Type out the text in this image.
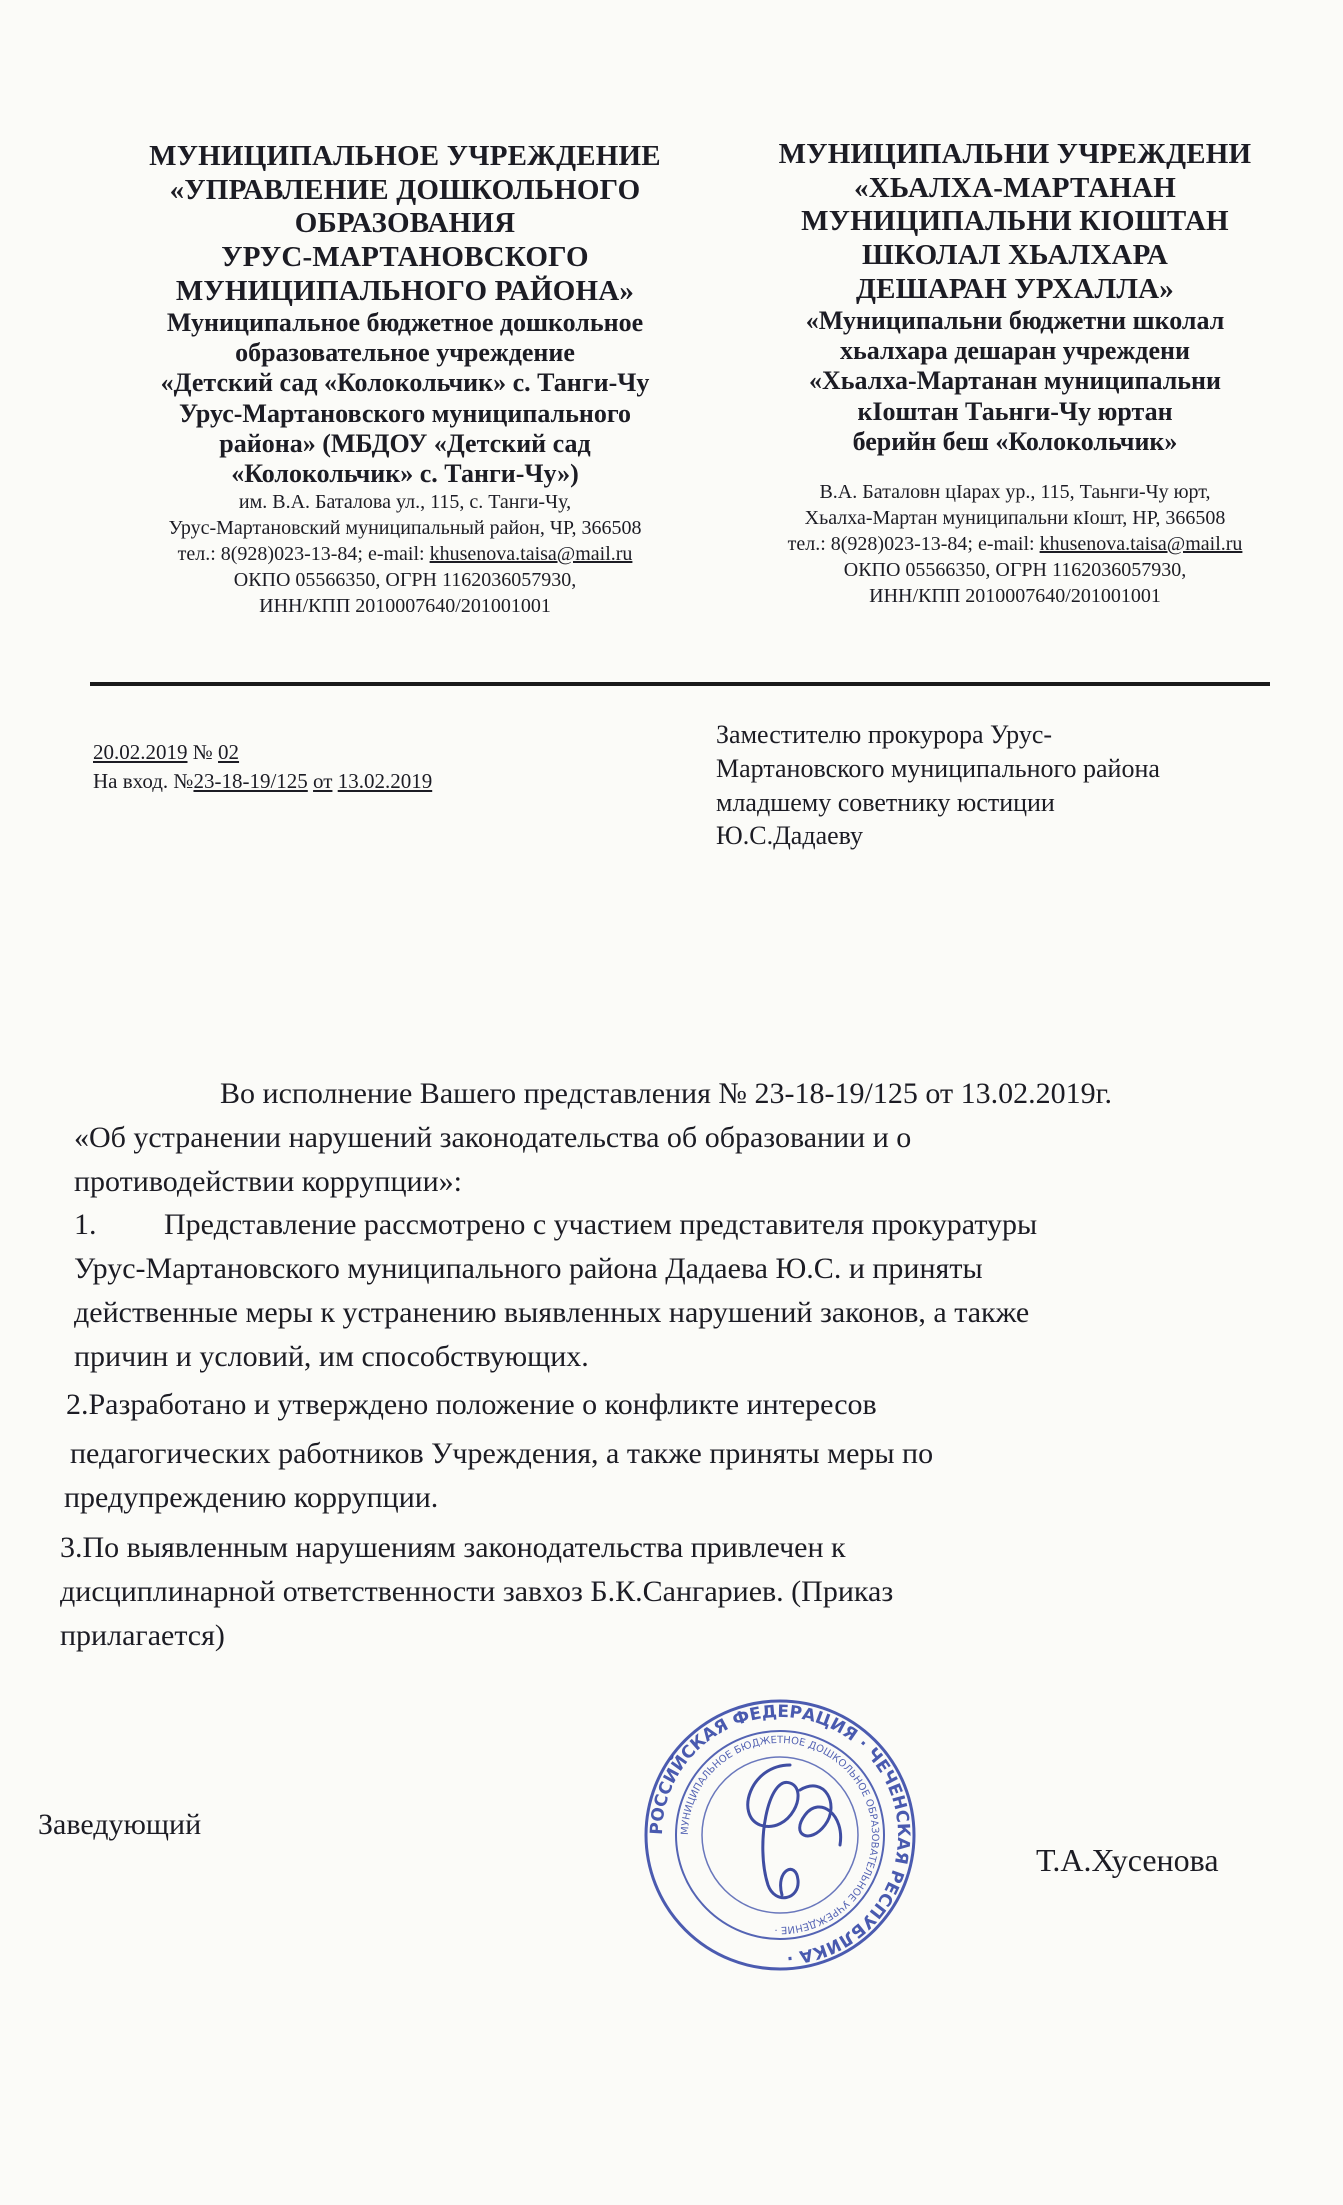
МУНИЦИПАЛЬНОЕ УЧРЕЖДЕНИЕ
«УПРАВЛЕНИЕ ДОШКОЛЬНОГО
ОБРАЗОВАНИЯ
УРУС-МАРТАНОВСКОГО
МУНИЦИПАЛЬНОГО РАЙОНА»
Муниципальное бюджетное дошкольное
образовательное учреждение
«Детский сад «Колокольчик» с. Танги-Чу
Урус-Мартановского муниципального
района» (МБДОУ «Детский сад
«Колокольчик» с. Танги-Чу»)
им. В.А. Баталова ул., 115, с. Танги-Чу,
Урус-Мартановский муниципальный район, ЧР, 366508
тел.: 8(928)023-13-84; e-mail: khusenova.taisa@mail.ru
ОКПО 05566350, ОГРН 1162036057930,
ИНН/КПП 2010007640/201001001
МУНИЦИПАЛЬНИ УЧРЕЖДЕНИ
«ХЬАЛХА-МАРТАНАН
МУНИЦИПАЛЬНИ КIОШТАН
ШКОЛАЛ ХЬАЛХАРА
ДЕШАРАН УРХАЛЛА»
«Муниципальни бюджетни школал
хьалхара дешаран учреждени
«Хьалха-Мартанан муниципальни
кIоштан Таьнги-Чу юртан
берийн беш «Колокольчик»
В.А. Баталовн цIарах ур., 115, Таьнги-Чу юрт,
Хьалха-Мартан муниципальни кIошт, НР, 366508
тел.: 8(928)023-13-84; e-mail: khusenova.taisa@mail.ru
ОКПО 05566350, ОГРН 1162036057930,
ИНН/КПП 2010007640/201001001
20.02.2019 № 02
На вход. №23-18-19/125 от 13.02.2019
Заместителю прокурора Урус-
Мартановского муниципального района
младшему советнику юстиции
Ю.С.Дадаеву
Во исполнение Вашего представления № 23-18-19/125 от 13.02.2019г.
«Об устранении нарушений законодательства об образовании и о
противодействии коррупции»:
1. Представление рассмотрено с участием представителя прокуратуры
Урус-Мартановского муниципального района Дадаева Ю.С. и приняты
действенные меры к устранению выявленных нарушений законов, а также
причин и условий, им способствующих.
2.Разработано и утверждено положение о конфликте интересов
педагогических работников Учреждения, а также приняты меры по
предупреждению коррупции.
3.По выявленным нарушениям законодательства привлечен к
дисциплинарной ответственности завхоз Б.К.Сангариев. (Приказ
прилагается)
Заведующий	РОССИЙСКАЯ ФЕДЕРАЦИЯ · ЧЕЧЕНСКАЯ РЕСПУБЛИКА ·
МУНИЦИПАЛЬНОЕ БЮДЖЕТНОЕ ДОШКОЛЬНОЕ ОБРАЗОВАТЕЛЬНОЕ УЧРЕЖДЕНИЕ ·
Т.А.Хусенова
